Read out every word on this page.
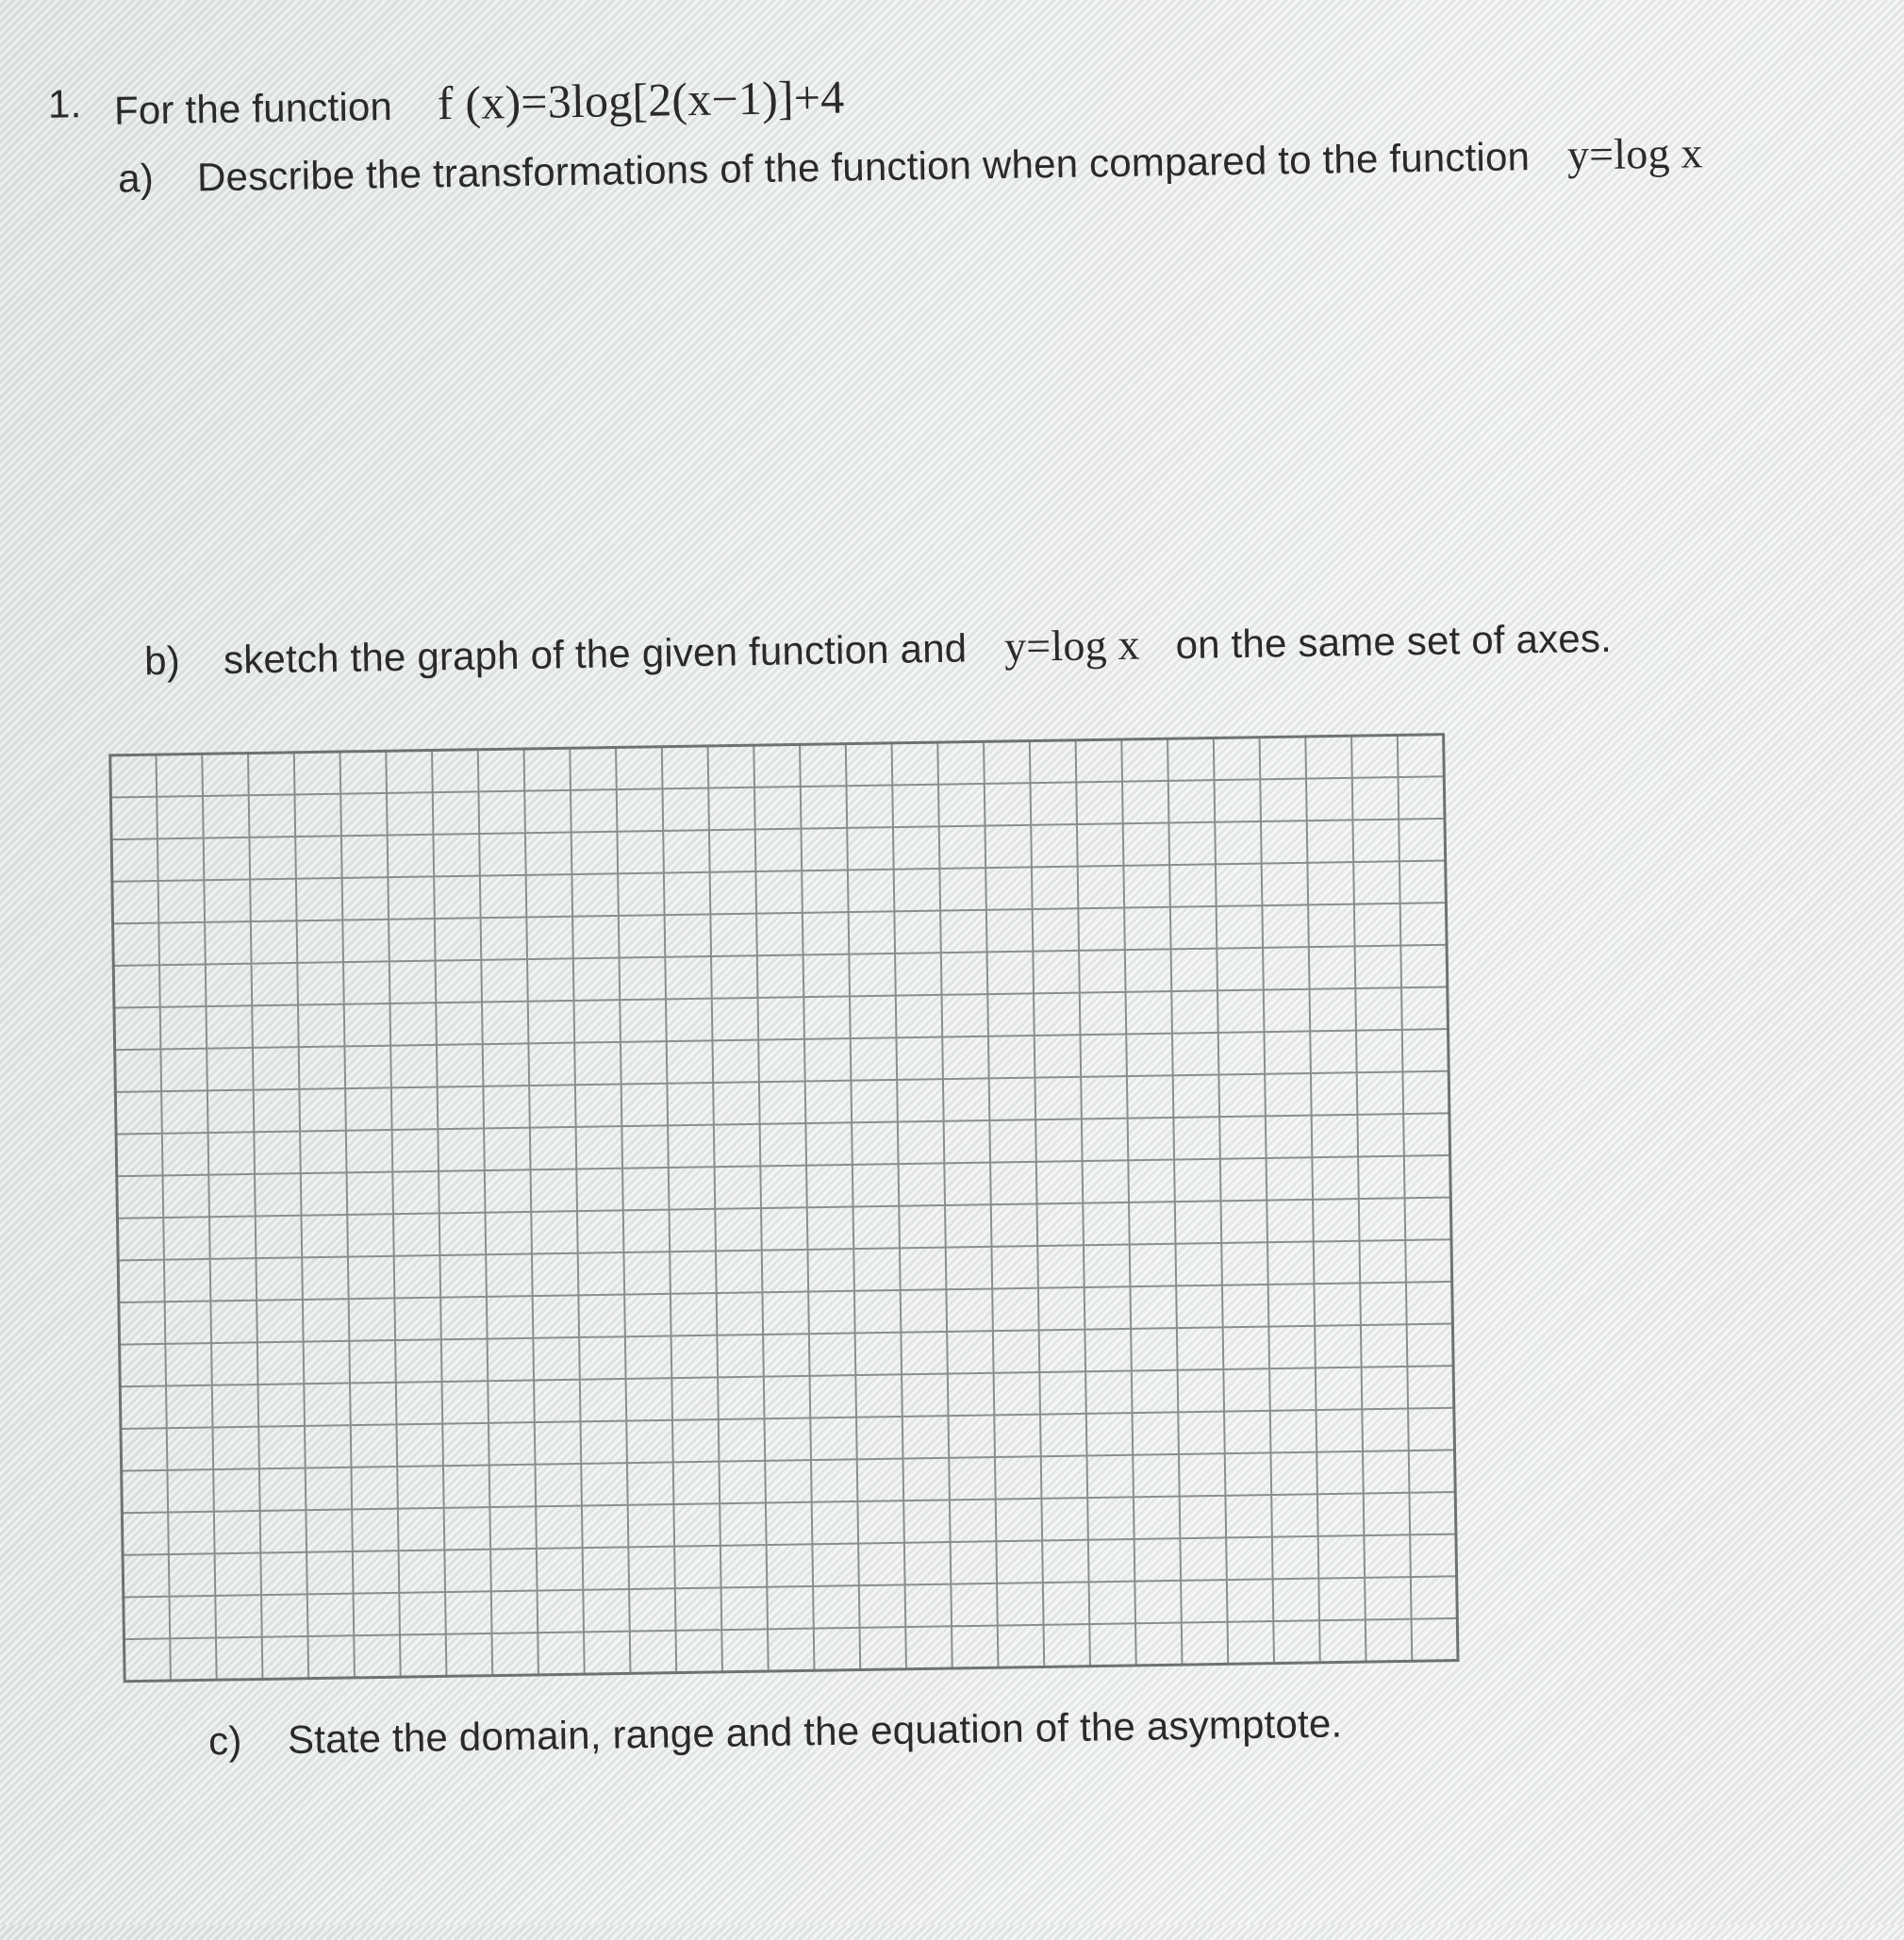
1. For the function f (x)=3log[2(x−1)]+4
a) Describe the transformations of the function when compared to the function y=log x
b) sketch the graph of the given function and y=log x on the same set of axes.
c) State the domain, range and the equation of the asymptote.
